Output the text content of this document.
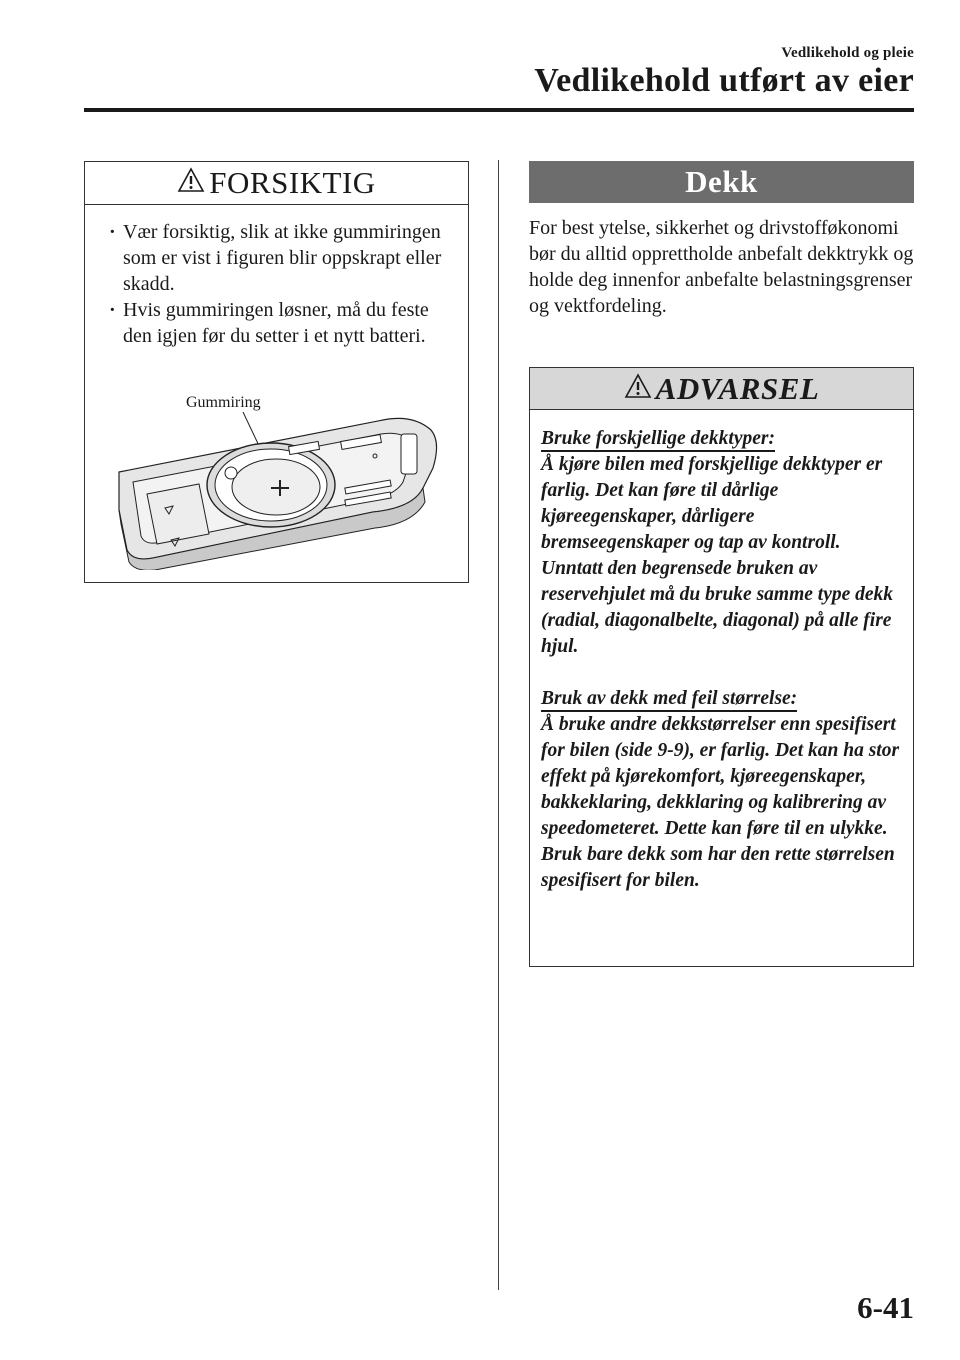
Vedlikehold og pleie
Vedlikehold utført av eier
FORSIKTIG
· Vær forsiktig, slik at ikke gummiringen som er vist i figuren blir oppskrapt eller skadd.
· Hvis gummiringen løsner, må du feste den igjen før du setter i et nytt batteri.
Gummiring
Dekk
For best ytelse, sikkerhet og drivstofføkonomi bør du alltid opprettholde anbefalt dekktrykk og holde deg innenfor anbefalte belastningsgrenser og vektfordeling.
ADVARSEL
Bruke forskjellige dekktyper:

Å kjøre bilen med forskjellige dekktyper er farlig. Det kan føre til dårlige kjøreegenskaper, dårligere bremseegenskaper og tap av kontroll. Unntatt den begrensede bruken av reservehjulet må du bruke samme type dekk (radial, diagonalbelte, diagonal) på alle fire hjul.

Bruk av dekk med feil størrelse:

Å bruke andre dekkstørrelser enn spesifisert for bilen (side 9-9), er farlig. Det kan ha stor effekt på kjørekomfort, kjøreegenskaper, bakkeklaring, dekklaring og kalibrering av speedometeret. Dette kan føre til en ulykke. Bruk bare dekk som har den rette størrelsen spesifisert for bilen.

6-41
